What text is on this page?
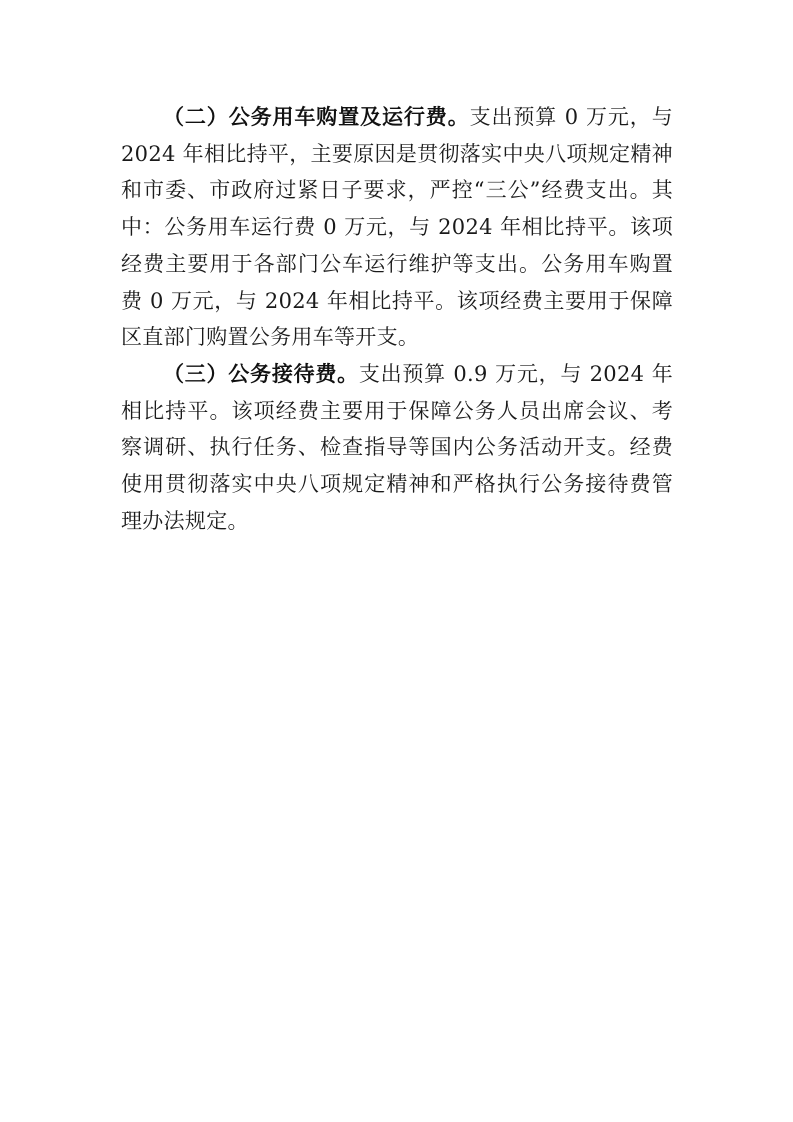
（二）公务用车购置及运行费。支出预算 0 万元，与 2024 年相比持平，主要原因是贯彻落实中央八项规定精神和市委、市政府过紧日子要求，严控“三公”经费支出。其中：公务用车运行费 0 万元，与 2024 年相比持平。该项经费主要用于各部门公车运行维护等支出。公务用车购置费 0 万元，与 2024 年相比持平。该项经费主要用于保障区直部门购置公务用车等开支。

（三）公务接待费。支出预算 0.9 万元，与 2024 年相比持平。该项经费主要用于保障公务人员出席会议、考察调研、执行任务、检查指导等国内公务活动开支。经费使用贯彻落实中央八项规定精神和严格执行公务接待费管理办法规定。
